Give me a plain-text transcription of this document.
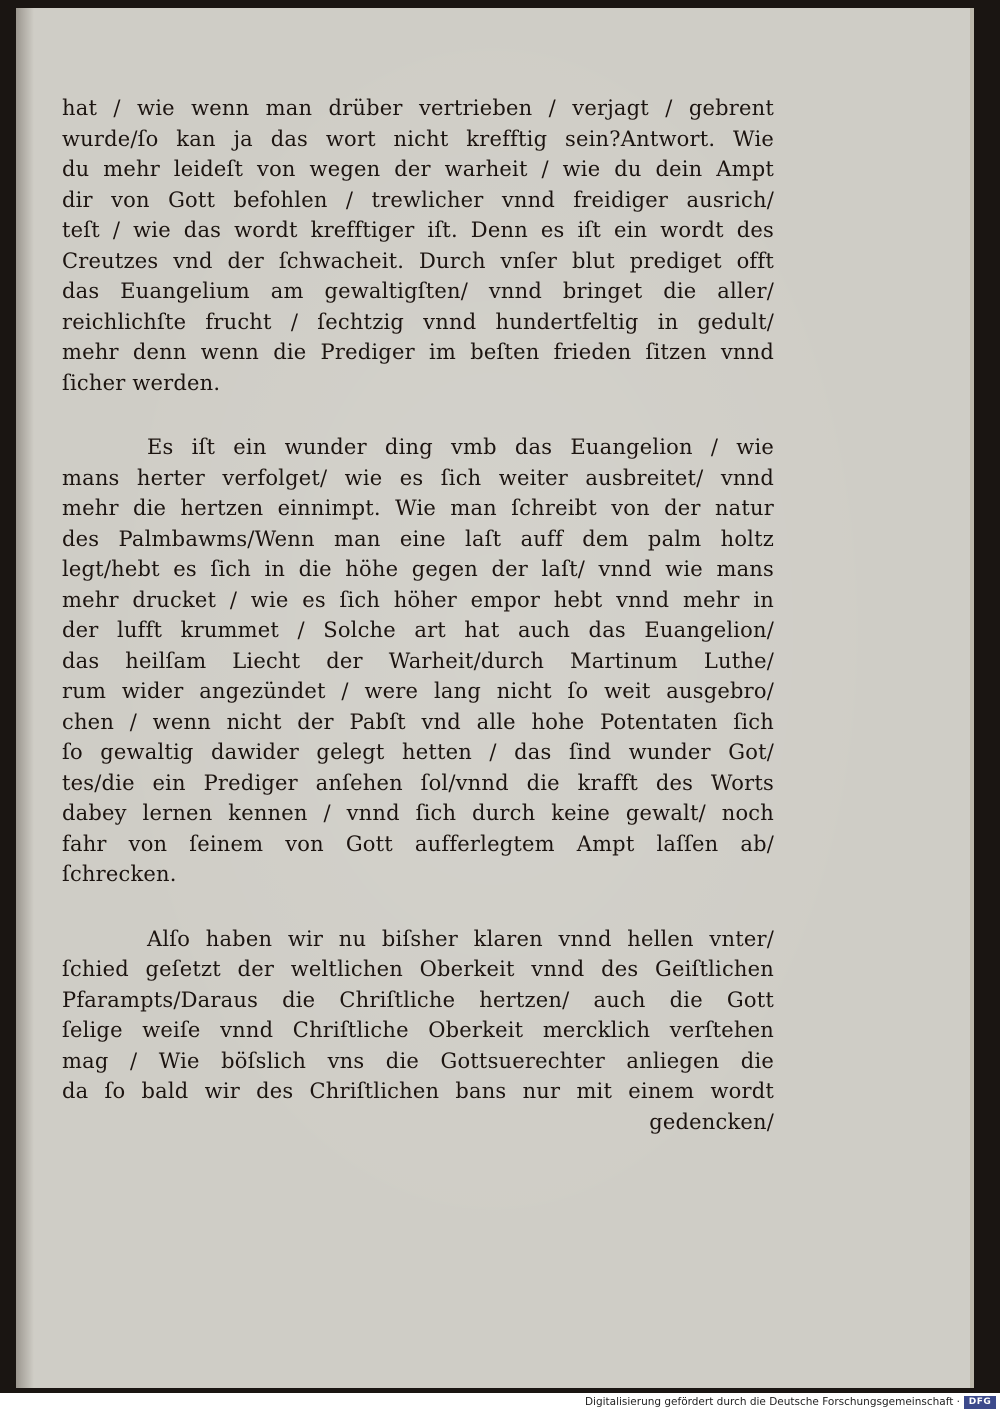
hat / wie wenn man drüber vertrieben / verjagt / gebrent
wurde/ſo kan ja das wort nicht krefftig sein?Antwort. Wie
du mehr leideſt von wegen der warheit / wie du dein Ampt
dir von Gott befohlen / trewlicher vnnd freidiger ausrich/
teſt / wie das wordt krefftiger iſt. Denn es iſt ein wordt des
Creutzes vnd der ſchwacheit. Durch vnſer blut prediget offt
das Euangelium am gewaltigſten/ vnnd bringet die aller/
reichlichſte frucht / ſechtzig vnnd hundertfeltig in gedult/
mehr denn wenn die Prediger im beſten frieden ſitzen vnnd
ſicher werden.
Es iſt ein wunder ding vmb das Euangelion / wie
mans herter verfolget/ wie es ſich weiter ausbreitet/ vnnd
mehr die hertzen einnimpt. Wie man ſchreibt von der natur
des Palmbawms/Wenn man eine laſt auff dem palm holtz
legt/hebt es ſich in die höhe gegen der laſt/ vnnd wie mans
mehr drucket / wie es ſich höher empor hebt vnnd mehr in
der lufft krummet / Solche art hat auch das Euangelion/
das heilſam Liecht der Warheit/durch Martinum Luthe/
rum wider angezündet / were lang nicht ſo weit ausgebro/
chen / wenn nicht der Pabſt vnd alle hohe Potentaten ſich
ſo gewaltig dawider gelegt hetten / das ſind wunder Got/
tes/die ein Prediger anſehen ſol/vnnd die krafft des Worts
dabey lernen kennen / vnnd ſich durch keine gewalt/ noch
fahr von ſeinem von Gott aufferlegtem Ampt laſſen ab/
ſchrecken.
Alſo haben wir nu biſsher klaren vnnd hellen vnter/
ſchied geſetzt der weltlichen Oberkeit vnnd des Geiſtlichen
Pfarampts/Daraus die Chriſtliche hertzen/ auch die Gott
ſelige weiſe vnnd Chriſtliche Oberkeit mercklich verſtehen
mag / Wie böſslich vns die Gottsuerechter anliegen die
da ſo bald wir des Chriſtlichen bans nur mit einem wordt
gedencken/
Digitalisierung gefördert durch die Deutsche Forschungsgemeinschaft · DFG
